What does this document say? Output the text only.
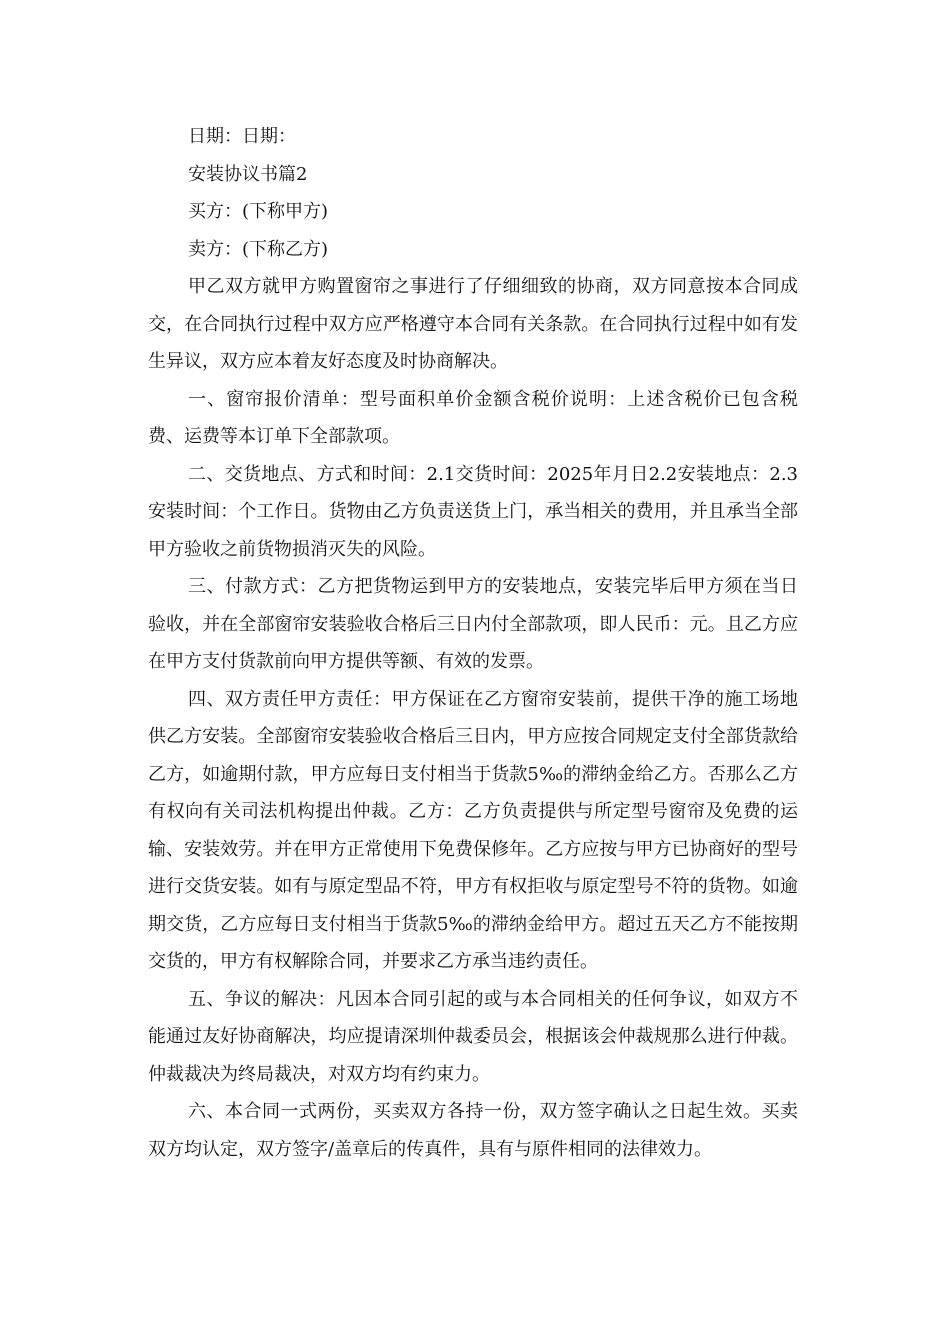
日期：日期：

安装协议书篇2

买方：(下称甲方)

卖方：(下称乙方)

甲乙双方就甲方购置窗帘之事进行了仔细细致的协商，双方同意按本合同成交，在合同执行过程中双方应严格遵守本合同有关条款。在合同执行过程中如有发生异议，双方应本着友好态度及时协商解决。

一、窗帘报价清单：型号面积单价金额含税价说明：上述含税价已包含税费、运费等本订单下全部款项。

二、交货地点、方式和时间：2.1交货时间：2025年月日2.2安装地点：2.3安装时间：个工作日。货物由乙方负责送货上门，承当相关的费用，并且承当全部甲方验收之前货物损消灭失的风险。

三、付款方式：乙方把货物运到甲方的安装地点，安装完毕后甲方须在当日验收，并在全部窗帘安装验收合格后三日内付全部款项，即人民币：元。且乙方应在甲方支付货款前向甲方提供等额、有效的发票。

四、双方责任甲方责任：甲方保证在乙方窗帘安装前，提供干净的施工场地供乙方安装。全部窗帘安装验收合格后三日内，甲方应按合同规定支付全部货款给乙方，如逾期付款，甲方应每日支付相当于货款5‰的滞纳金给乙方。否那么乙方有权向有关司法机构提出仲裁。乙方：乙方负责提供与所定型号窗帘及免费的运输、安装效劳。并在甲方正常使用下免费保修年。乙方应按与甲方已协商好的型号进行交货安装。如有与原定型品不符，甲方有权拒收与原定型号不符的货物。如逾期交货，乙方应每日支付相当于货款5‰的滞纳金给甲方。超过五天乙方不能按期交货的，甲方有权解除合同，并要求乙方承当违约责任。

五、争议的解决：凡因本合同引起的或与本合同相关的任何争议，如双方不能通过友好协商解决，均应提请深圳仲裁委员会，根据该会仲裁规那么进行仲裁。仲裁裁决为终局裁决，对双方均有约束力。

六、本合同一式两份，买卖双方各持一份，双方签字确认之日起生效。买卖双方均认定，双方签字/盖章后的传真件，具有与原件相同的法律效力。
